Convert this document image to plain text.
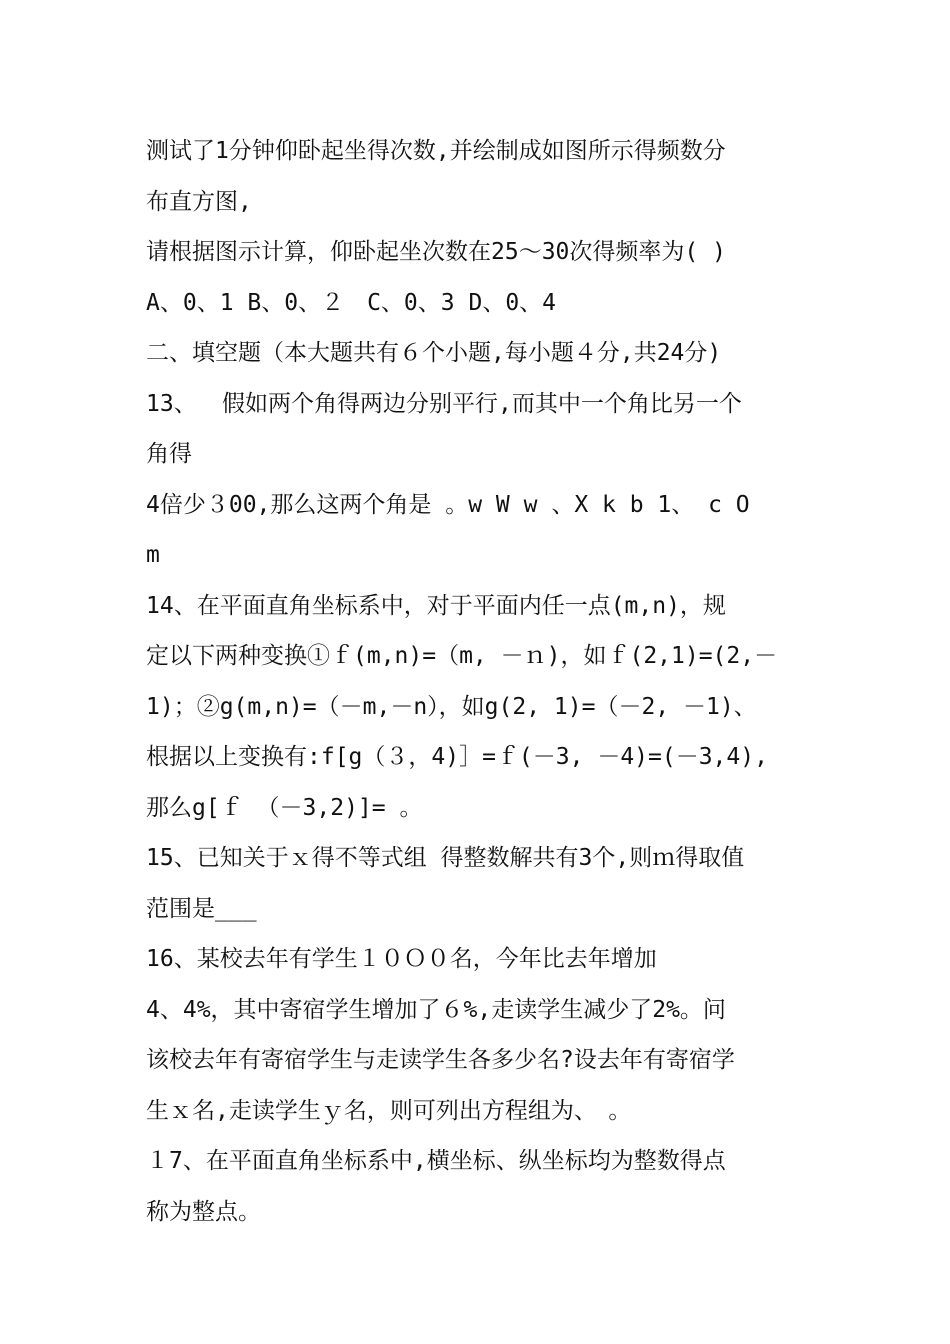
测试了1分钟仰卧起坐得次数,并绘制成如图所示得频数分
布直方图,
请根据图示计算，仰卧起坐次数在25～30次得频率为( )
A、0、1 B、0、２　C、0、3 D、0、4
二、填空题（本大题共有６个小题,每小题４分,共24分)
13、　 假如两个角得两边分别平行,而其中一个角比另一个
角得
4倍少３00,那么这两个角是 。w W w 、X k b 1、 c O
m
14、在平面直角坐标系中，对于平面内任一点(m,n)，规
定以下两种变换①ｆ(m,n)=（m, －ｎ)，如ｆ(2,1)=(2,－
1)；②g(m,n)=（－m,－n），如g(2, 1)=（－2, －1)、
根据以上变换有:f[g（３，4)］=ｆ(－3, －4)=(－3,4),
那么g[ｆ （－3,2)]= 。
15、已知关于ｘ得不等式组 得整数解共有3个,则ｍ得取值
范围是___
16、某校去年有学生１０Ｏ０名，今年比去年增加
4、4%，其中寄宿学生增加了６%,走读学生减少了2%。问
该校去年有寄宿学生与走读学生各多少名?设去年有寄宿学
生ｘ名,走读学生ｙ名，则可列出方程组为、　。
１7、在平面直角坐标系中,横坐标、纵坐标均为整数得点
称为整点。
